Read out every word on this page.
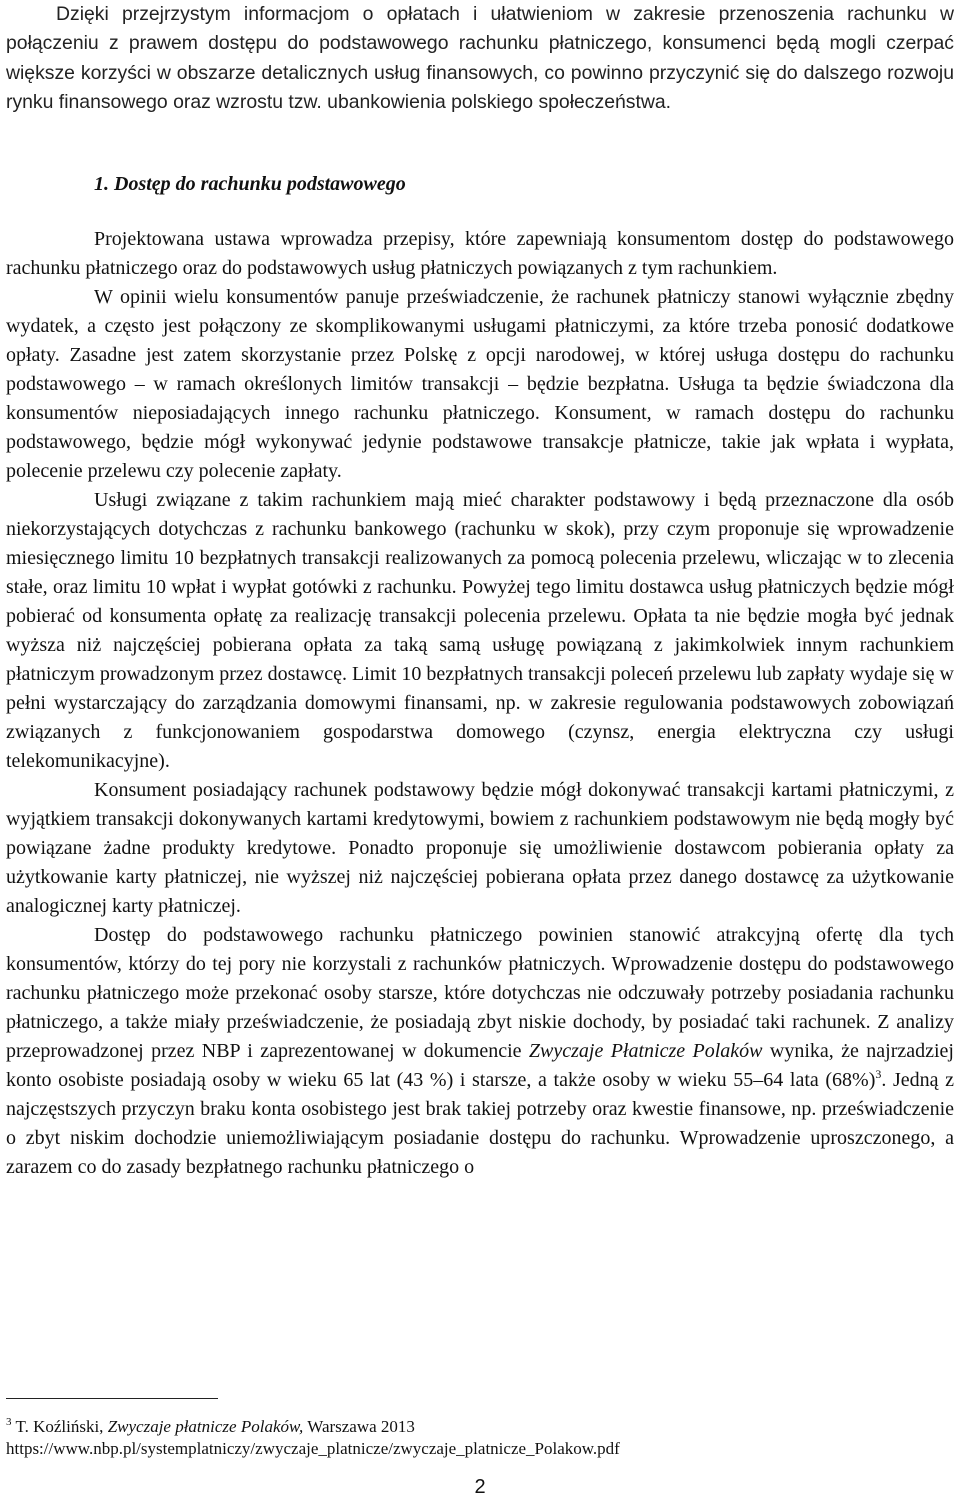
Dzięki przejrzystym informacjom o opłatach i ułatwieniom w zakresie przenoszenia rachunku w połączeniu z prawem dostępu do podstawowego rachunku płatniczego, konsumenci będą mogli czerpać większe korzyści w obszarze detalicznych usług finansowych, co powinno przyczynić się do dalszego rozwoju rynku finansowego oraz wzrostu tzw. ubankowienia polskiego społeczeństwa.

1. Dostęp do rachunku podstawowego

Projektowana ustawa wprowadza przepisy, które zapewniają konsumentom dostęp do podstawowego rachunku płatniczego oraz do podstawowych usług płatniczych powiązanych z tym rachunkiem.

W opinii wielu konsumentów panuje przeświadczenie, że rachunek płatniczy stanowi wyłącznie zbędny wydatek, a często jest połączony ze skomplikowanymi usługami płatniczymi, za które trzeba ponosić dodatkowe opłaty. Zasadne jest zatem skorzystanie przez Polskę z opcji narodowej, w której usługa dostępu do rachunku podstawowego – w ramach określonych limitów transakcji – będzie bezpłatna. Usługa ta będzie świadczona dla konsumentów nieposiadających innego rachunku płatniczego. Konsument, w ramach dostępu do rachunku podstawowego, będzie mógł wykonywać jedynie podstawowe transakcje płatnicze, takie jak wpłata i wypłata, polecenie przelewu czy polecenie zapłaty.

Usługi związane z takim rachunkiem mają mieć charakter podstawowy i będą przeznaczone dla osób niekorzystających dotychczas z rachunku bankowego (rachunku w skok), przy czym proponuje się wprowadzenie miesięcznego limitu 10 bezpłatnych transakcji realizowanych za pomocą polecenia przelewu, wliczając w to zlecenia stałe, oraz limitu 10 wpłat i wypłat gotówki z rachunku. Powyżej tego limitu dostawca usług płatniczych będzie mógł pobierać od konsumenta opłatę za realizację transakcji polecenia przelewu. Opłata ta nie będzie mogła być jednak wyższa niż najczęściej pobierana opłata za taką samą usługę powiązaną z jakimkolwiek innym rachunkiem płatniczym prowadzonym przez dostawcę. Limit 10 bezpłatnych transakcji poleceń przelewu lub zapłaty wydaje się w pełni wystarczający do zarządzania domowymi finansami, np. w zakresie regulowania podstawowych zobowiązań związanych z funkcjonowaniem gospodarstwa domowego (czynsz, energia elektryczna czy usługi telekomunikacyjne).

Konsument posiadający rachunek podstawowy będzie mógł dokonywać transakcji kartami płatniczymi, z wyjątkiem transakcji dokonywanych kartami kredytowymi, bowiem z rachunkiem podstawowym nie będą mogły być powiązane żadne produkty kredytowe. Ponadto proponuje się umożliwienie dostawcom pobierania opłaty za użytkowanie karty płatniczej, nie wyższej niż najczęściej pobierana opłata przez danego dostawcę za użytkowanie analogicznej karty płatniczej.

Dostęp do podstawowego rachunku płatniczego powinien stanowić atrakcyjną ofertę dla tych konsumentów, którzy do tej pory nie korzystali z rachunków płatniczych. Wprowadzenie dostępu do podstawowego rachunku płatniczego może przekonać osoby starsze, które dotychczas nie odczuwały potrzeby posiadania rachunku płatniczego, a także miały przeświadczenie, że posiadają zbyt niskie dochody, by posiadać taki rachunek. Z analizy przeprowadzonej przez NBP i zaprezentowanej w dokumencie Zwyczaje Płatnicze Polaków wynika, że najrzadziej konto osobiste posiadają osoby w wieku 65 lat (43 %) i starsze, a także osoby w wieku 55–64 lata $(68\%)^3$. Jedną z najczęstszych przyczyn braku konta osobistego jest brak takiej potrzeby oraz kwestie finansowe, np. przeświadczenie o zbyt niskim dochodzie uniemożliwiającym posiadanie dostępu do rachunku. Wprowadzenie uproszczonego, a zarazem co do zasady bezpłatnego rachunku płatniczego o

$^3$ T. Koźliński, Zwyczaje płatnicze Polaków, Warszawa 2013
https://www.nbp.pl/systemplatniczy/zwyczaje_platnicze/zwyczaje_platnicze_Polakow.pdf
2
